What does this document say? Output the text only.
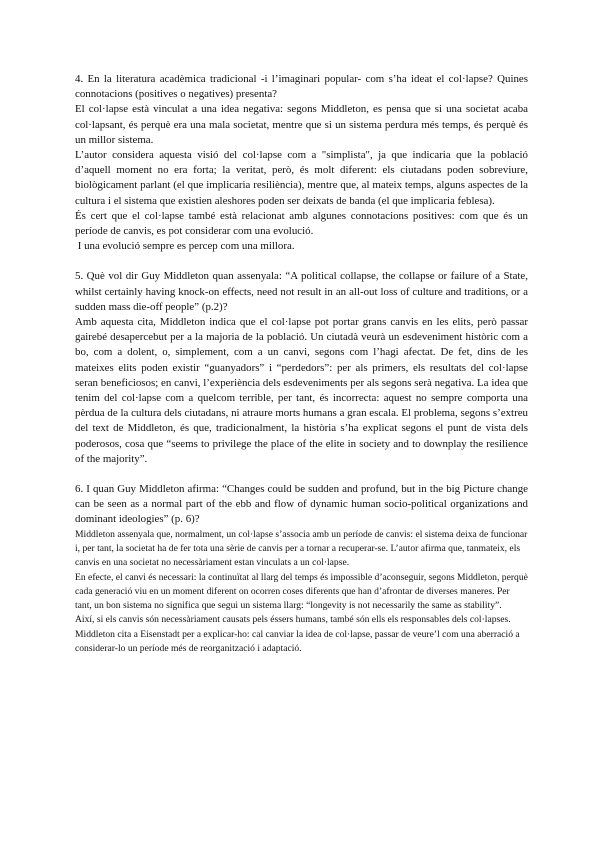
4. En la literatura acadèmica tradicional -i l’imaginari popular- com s’ha ideat el col·lapse? Quines connotacions (positives o negatives) presenta?

El col·lapse està vinculat a una idea negativa: segons Middleton, es pensa que si una societat acaba col·lapsant, és perquè era una mala societat, mentre que si un sistema perdura més temps, és perquè és un millor sistema.

L’autor considera aquesta visió del col·lapse com a "simplista", ja que indicaria que la població d’aquell moment no era forta; la veritat, però, és molt diferent: els ciutadans poden sobreviure, biològicament parlant (el que implicaria resiliència), mentre que, al mateix temps, alguns aspectes de la cultura i el sistema que existien aleshores poden ser deixats de banda (el que implicaria feblesa).

És cert que el col·lapse també està relacionat amb algunes connotacions positives: com que és un període de canvis, es pot considerar com una evolució.

I una evolució sempre es percep com una millora.

5. Què vol dir Guy Middleton quan assenyala: “A political collapse, the collapse or failure of a State, whilst certainly having knock-on effects, need not result in an all-out loss of culture and traditions, or a sudden mass die-off people” (p.2)?

Amb aquesta cita, Middleton indica que el col·lapse pot portar grans canvis en les elits, però passar gairebé desapercebut per a la majoria de la població. Un ciutadà veurà un esdeveniment històric com a bo, com a dolent, o, simplement, com a un canvi, segons com l’hagi afectat. De fet, dins de les mateixes elits poden existir “guanyadors” i “perdedors”: per als primers, els resultats del col·lapse seran beneficiosos; en canvi, l’experiència dels esdeveniments per als segons serà negativa. La idea que tenim del col·lapse com a quelcom terrible, per tant, és incorrecta: aquest no sempre comporta una pèrdua de la cultura dels ciutadans, ni atraure morts humans a gran escala. El problema, segons s’extreu del text de Middleton, és que, tradicionalment, la història s’ha explicat segons el punt de vista dels poderosos, cosa que “seems to privilege the place of the elite in society and to downplay the resilience of the majority”.

6. I quan Guy Middleton afirma: “Changes could be sudden and profund, but in the big Picture change can be seen as a normal part of the ebb and flow of dynamic human socio-political organizations and dominant ideologies” (p. 6)?

Middleton assenyala que, normalment, un col·lapse s’associa amb un període de canvis: el sistema deixa de funcionar i, per tant, la societat ha de fer tota una sèrie de canvis per a tornar a recuperar-se. L’autor afirma que, tanmateix, els canvis en una societat no necessàriament estan vinculats a un col·lapse.

En efecte, el canvi és necessari: la continuïtat al llarg del temps és impossible d’aconseguir, segons Middleton, perquè cada generació viu en un moment diferent on ocorren coses diferents que han d’afrontar de diverses maneres. Per tant, un bon sistema no significa que segui un sistema llarg: “longevity is not necessarily the same as stability”.

Així, si els canvis són necessàriament causats pels éssers humans, també són ells els responsables dels col·lapses. Middleton cita a Eisenstadt per a explicar-ho: cal canviar la idea de col·lapse, passar de veure’l com una aberració a considerar-lo un període més de reorganització i adaptació.
